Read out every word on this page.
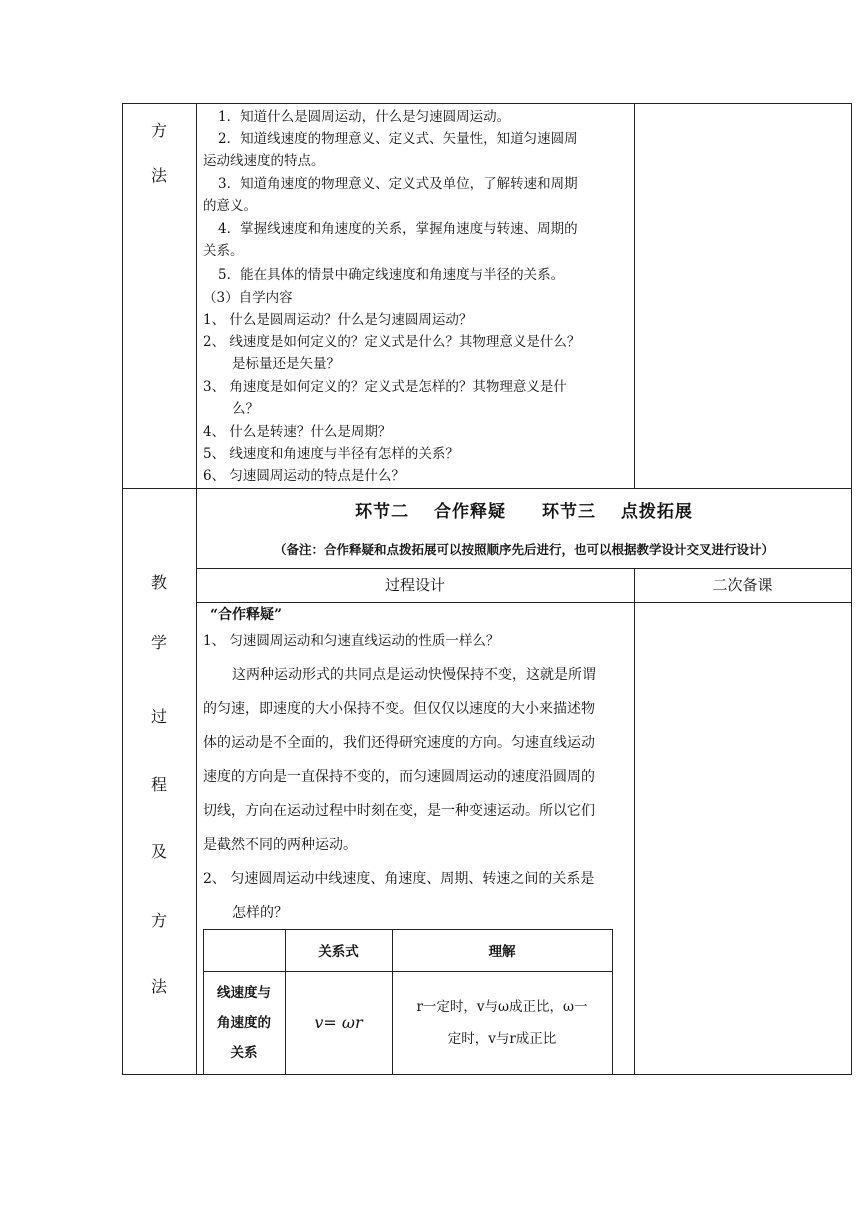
方
法
1．知道什么是圆周运动，什么是匀速圆周运动。
2．知道线速度的物理意义、定义式、矢量性，知道匀速圆周
运动线速度的特点。
3．知道角速度的物理意义、定义式及单位，了解转速和周期
的意义。
4．掌握线速度和角速度的关系，掌握角速度与转速、周期的
关系。
5．能在具体的情景中确定线速度和角速度与半径的关系。
（3）自学内容
1、 什么是圆周运动？什么是匀速圆周运动？
2、 线速度是如何定义的？定义式是什么？其物理意义是什么？
是标量还是矢量？
3、 角速度是如何定义的？定义式是怎样的？其物理意义是什
么？
4、 什么是转速？什么是周期？
5、 线速度和角速度与半径有怎样的关系？
6、 匀速圆周运动的特点是什么？
环节二　 合作释疑　　环节三　 点拨拓展
（备注：合作释疑和点拨拓展可以按照顺序先后进行，也可以根据教学设计交叉进行设计）
过程设计	二次备课
教
学
过
程
及
方
法
“合作释疑”
1、 匀速圆周运动和匀速直线运动的性质一样么？
这两种运动形式的共同点是运动快慢保持不变，这就是所谓
的匀速，即速度的大小保持不变。但仅仅以速度的大小来描述物
体的运动是不全面的，我们还得研究速度的方向。匀速直线运动
速度的方向是一直保持不变的，而匀速圆周运动的速度沿圆周的
切线，方向在运动过程中时刻在变，是一种变速运动。所以它们
是截然不同的两种运动。
2、 匀速圆周运动中线速度、角速度、周期、转速之间的关系是
怎样的？
关系式	理解
线速度与
角速度的
关系
v= ωr
r一定时，v与ω成正比，ω一
定时，v与r成正比
